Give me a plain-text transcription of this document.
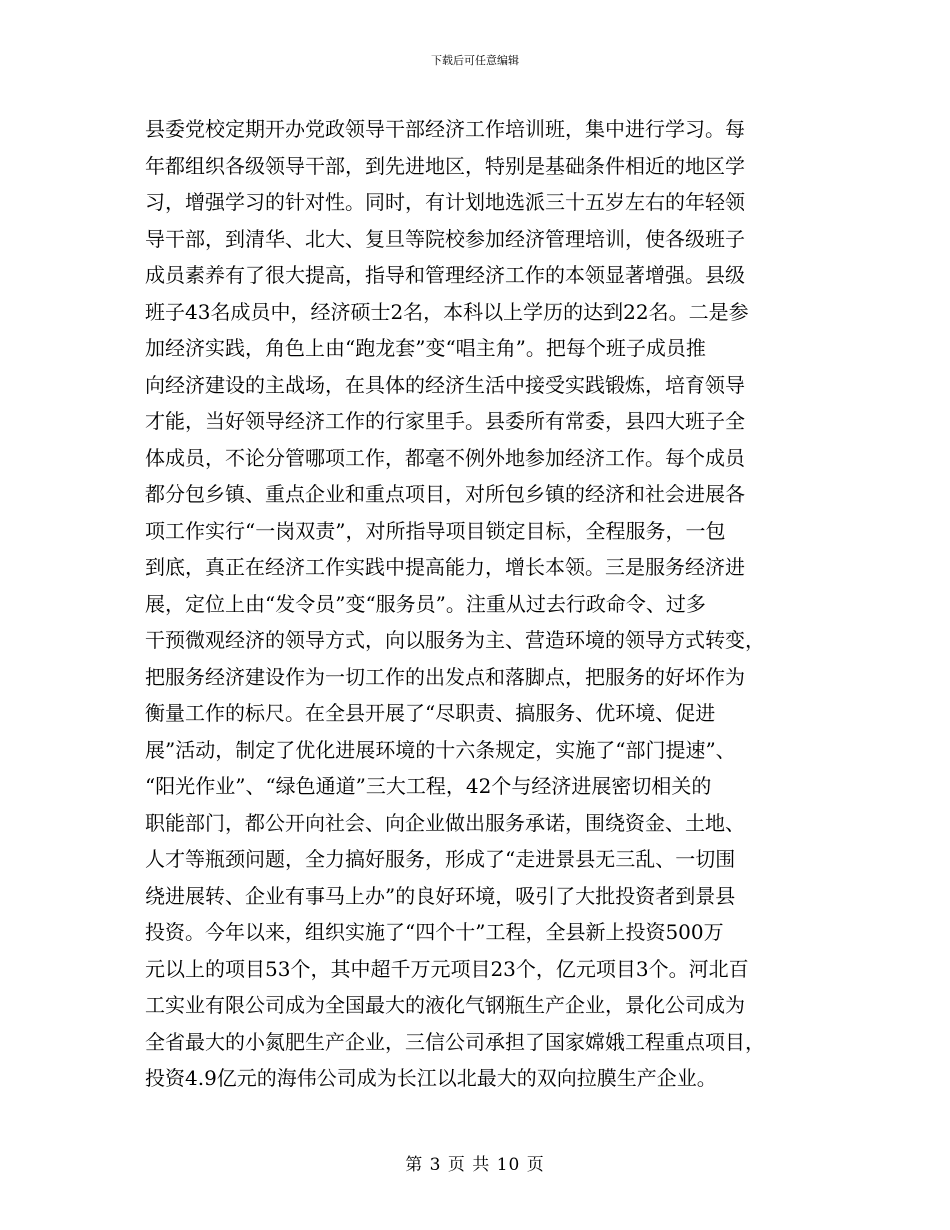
下载后可任意编辑
县委党校定期开办党政领导干部经济工作培训班，集中进行学习。每
年都组织各级领导干部，到先进地区，特别是基础条件相近的地区学
习，增强学习的针对性。同时，有计划地选派三十五岁左右的年轻领
导干部，到清华、北大、复旦等院校参加经济管理培训，使各级班子
成员素养有了很大提高，指导和管理经济工作的本领显著增强。县级
班子43名成员中，经济硕士2名，本科以上学历的达到22名。二是参
加经济实践，角色上由“跑龙套”变“唱主角”。把每个班子成员推
向经济建设的主战场，在具体的经济生活中接受实践锻炼，培育领导
才能，当好领导经济工作的行家里手。县委所有常委，县四大班子全
体成员，不论分管哪项工作，都毫不例外地参加经济工作。每个成员
都分包乡镇、重点企业和重点项目，对所包乡镇的经济和社会进展各
项工作实行“一岗双责”，对所指导项目锁定目标，全程服务，一包
到底，真正在经济工作实践中提高能力，增长本领。三是服务经济进
展，定位上由“发令员”变“服务员”。注重从过去行政命令、过多
干预微观经济的领导方式，向以服务为主、营造环境的领导方式转变，
把服务经济建设作为一切工作的出发点和落脚点，把服务的好坏作为
衡量工作的标尺。在全县开展了“尽职责、搞服务、优环境、促进
展”活动，制定了优化进展环境的十六条规定，实施了“部门提速”、
“阳光作业”、“绿色通道”三大工程，42个与经济进展密切相关的
职能部门，都公开向社会、向企业做出服务承诺，围绕资金、土地、
人才等瓶颈问题，全力搞好服务，形成了“走进景县无三乱、一切围
绕进展转、企业有事马上办”的良好环境，吸引了大批投资者到景县
投资。今年以来，组织实施了“四个十”工程，全县新上投资500万
元以上的项目53个，其中超千万元项目23个，亿元项目3个。河北百
工实业有限公司成为全国最大的液化气钢瓶生产企业，景化公司成为
全省最大的小氮肥生产企业，三信公司承担了国家嫦娥工程重点项目，
投资4.9亿元的海伟公司成为长江以北最大的双向拉膜生产企业。
第 3 页 共 10 页
